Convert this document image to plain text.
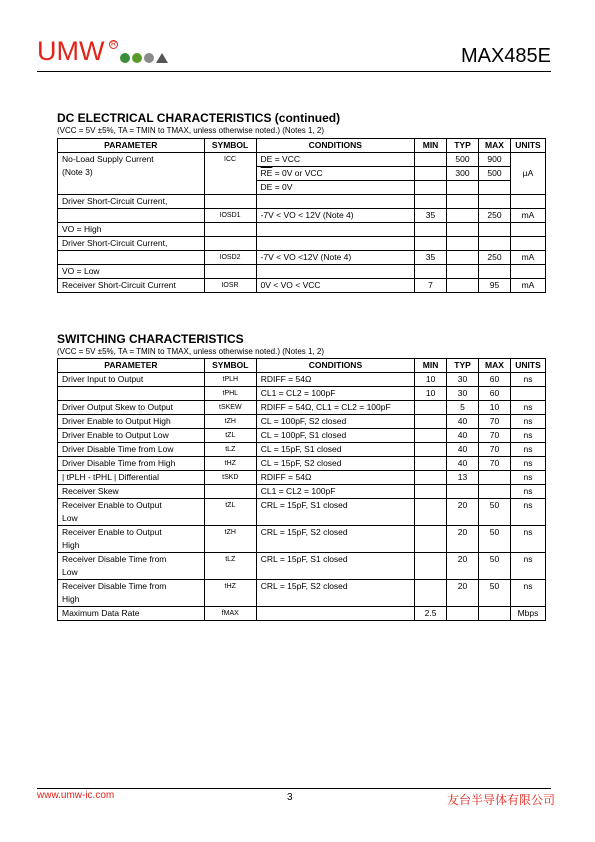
UMW R
MAX485E
DC ELECTRICAL CHARACTERISTICS (continued)
(VCC = 5V ±5%, TA = TMIN to TMAX, unless otherwise noted.) (Notes 1, 2)
PARAMETER	SYMBOL	CONDITIONS	MIN	TYP	MAX	UNITS

No-Load Supply Current
(Note 3)	ICC	DE = VCC		500	900	µA
		$\overline{RE} = 0V$ or VCC		300	500	
		DE = 0V				
Driver Short-Circuit Current,						
	IOSD1	-7V < VO < 12V (Note 4)	35		250	mA
VO = High						
Driver Short-Circuit Current,						
	IOSD2	-7V < VO <12V (Note 4)	35		250	mA
VO = Low						
Receiver Short-Circuit Current	IOSR	0V < VO < VCC	7		95	mA
SWITCHING CHARACTERISTICS
(VCC = 5V ±5%, TA = TMIN to TMAX, unless otherwise noted.) (Notes 1, 2)
PARAMETER	SYMBOL	CONDITIONS	MIN	TYP	MAX	UNITS
Driver Input to Output	tPLH	RDIFF = 54Ω	10	30	60	ns
	tPHL	CL1 = CL2 = 100pF	10	30	60	
Driver Output Skew to Output	tSKEW	RDIFF = 54Ω, CL1 = CL2 = 100pF		5	10	ns
Driver Enable to Output High	tZH	CL = 100pF, S2 closed		40	70	ns
Driver Enable to Output Low	tZL	CL = 100pF, S1 closed		40	70	ns
Driver Disable Time from Low	tLZ	CL = 15pF, S1 closed		40	70	ns
Driver Disable Time from High	tHZ	CL = 15pF, S2 closed		40	70	ns
| tPLH - tPHL | Differential	tSKD	RDIFF = 54Ω		13		ns
Receiver Skew		CL1 = CL2 = 100pF				ns
Receiver Enable to Output
Low	tZL	CRL = 15pF, S1 closed		20	50	ns
Receiver Enable to Output
High	tZH	CRL = 15pF, S2 closed		20	50	ns
Receiver Disable Time from
Low	tLZ	CRL = 15pF, S1 closed		20	50	ns
Receiver Disable Time from
High	tHZ	CRL = 15pF, S2 closed		20	50	ns
Maximum Data Rate	fMAX		2.5			Mbps
www.umw-ic.com	3	友台半导体有限公司
